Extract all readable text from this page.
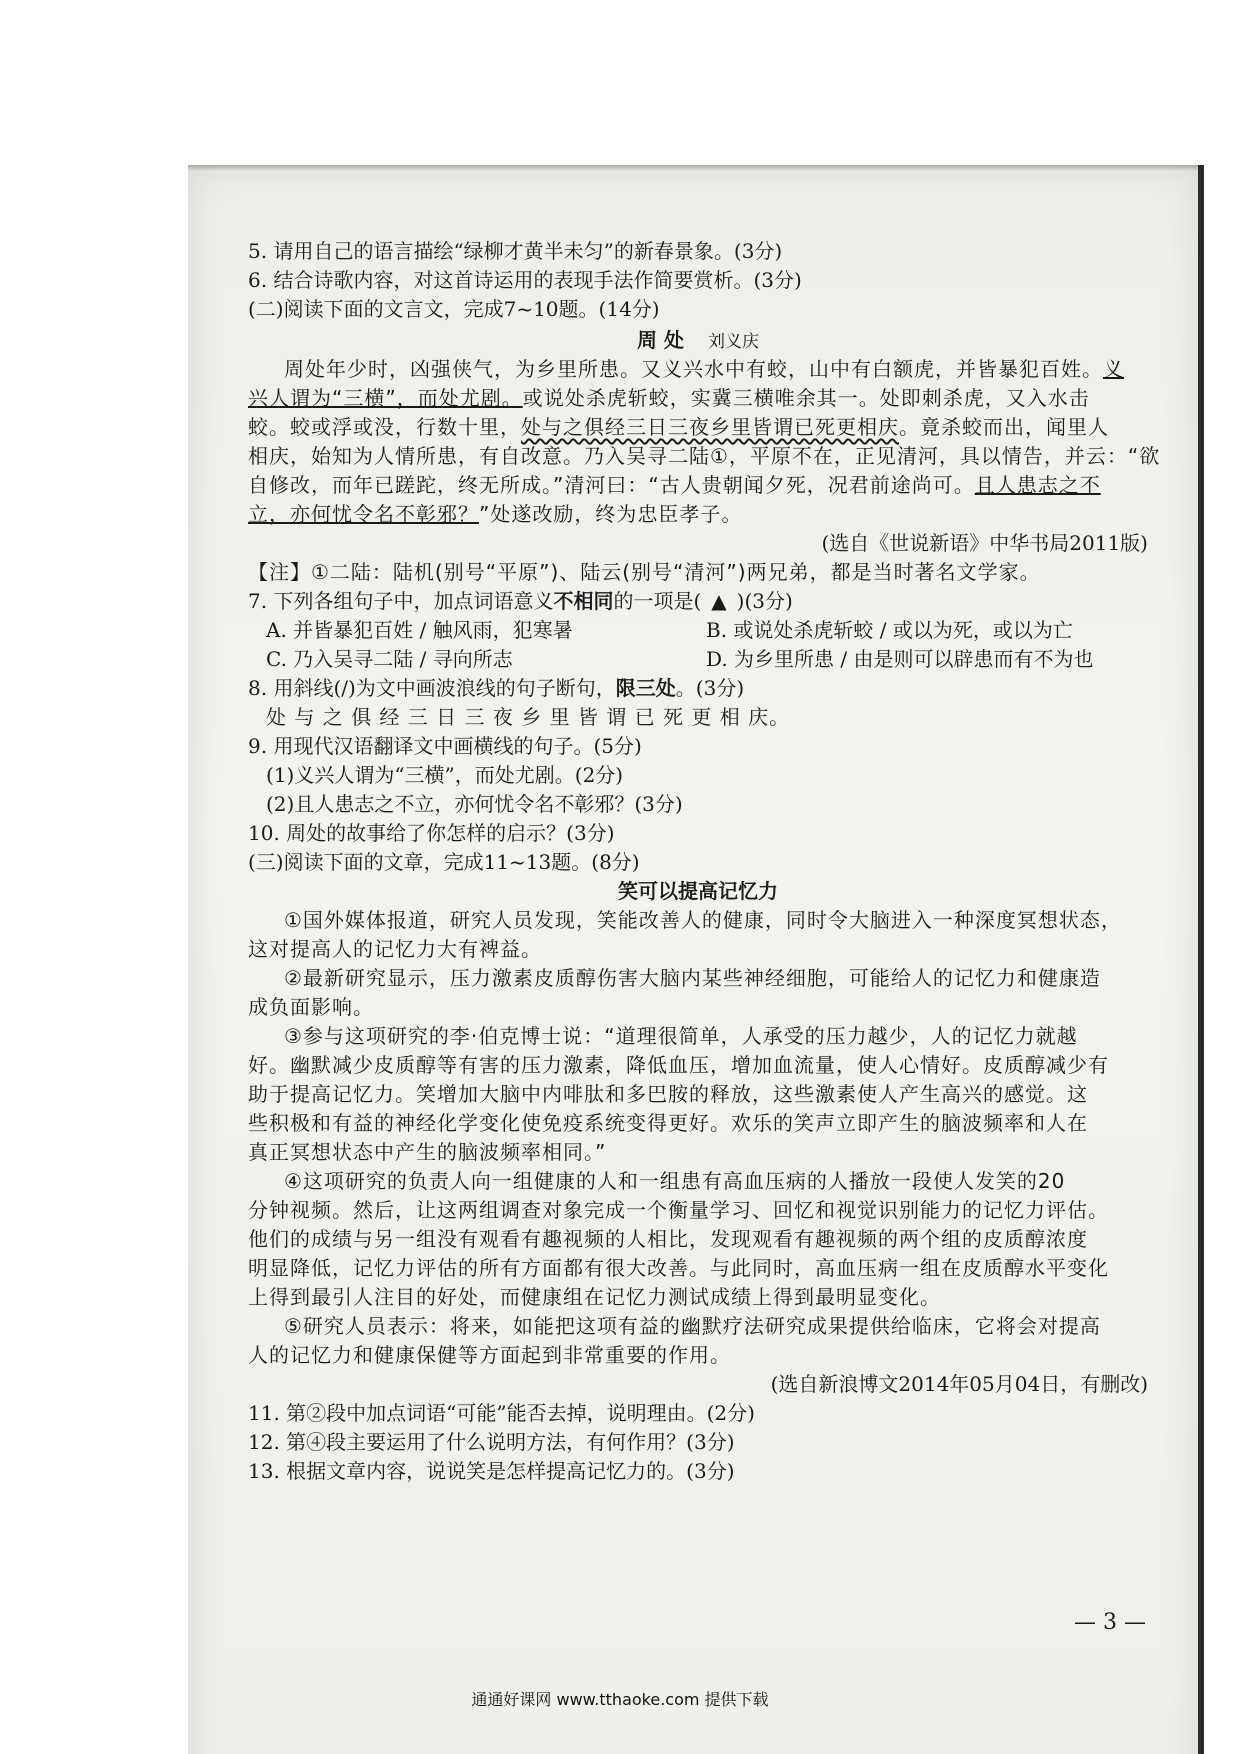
5. 请用自己的语言描绘“绿柳才黄半未匀”的新春景象。(3分)
6. 结合诗歌内容，对这首诗运用的表现手法作简要赏析。(3分)
(二)阅读下面的文言文，完成7~10题。(14分)
周 处 刘义庆
周处年少时，凶强侠气，为乡里所患。又义兴水中有蛟，山中有白额虎，并皆暴犯百姓。义
兴人谓为“三横”，而处尤剧。或说处杀虎斩蛟，实冀三横唯余其一。处即刺杀虎，又入水击
蛟。蛟或浮或没，行数十里，处与之俱经三日三夜乡里皆谓已死更相庆。竟杀蛟而出，闻里人
相庆，始知为人情所患，有自改意。乃入吴寻二陆①，平原不在，正见清河，具以情告，并云：“欲
自修改，而年已蹉跎，终无所成。”清河曰：“古人贵朝闻夕死，况君前途尚可。且人患志之不
立，亦何忧令名不彰邪？”处遂改励，终为忠臣孝子。
(选自《世说新语》中华书局2011版)
【注】①二陆：陆机(别号“平原”)、陆云(别号“清河”)两兄弟，都是当时著名文学家。
7. 下列各组句子中，加点词语意义不相同的一项是( ▲ )(3分)
A. 并皆暴犯百姓 / 触风雨，犯寒暑	B. 或说处杀虎斩蛟 / 或以为死，或以为亡
C. 乃入吴寻二陆 / 寻向所志	D. 为乡里所患 / 由是则可以辟患而有不为也
8. 用斜线(/)为文中画波浪线的句子断句，限三处。(3分)
处 与 之 俱 经 三 日 三 夜 乡 里 皆 谓 已 死 更 相 庆。
9. 用现代汉语翻译文中画横线的句子。(5分)
(1)义兴人谓为“三横”，而处尤剧。(2分)
(2)且人患志之不立，亦何忧令名不彰邪？(3分)
10. 周处的故事给了你怎样的启示？(3分)
(三)阅读下面的文章，完成11~13题。(8分)
笑可以提高记忆力
①国外媒体报道，研究人员发现，笑能改善人的健康，同时令大脑进入一种深度冥想状态，
这对提高人的记忆力大有裨益。
②最新研究显示，压力激素皮质醇伤害大脑内某些神经细胞，可能给人的记忆力和健康造
成负面影响。
③参与这项研究的李·伯克博士说：“道理很简单，人承受的压力越少，人的记忆力就越
好。幽默减少皮质醇等有害的压力激素，降低血压，增加血流量，使人心情好。皮质醇减少有
助于提高记忆力。笑增加大脑中内啡肽和多巴胺的释放，这些激素使人产生高兴的感觉。这
些积极和有益的神经化学变化使免疫系统变得更好。欢乐的笑声立即产生的脑波频率和人在
真正冥想状态中产生的脑波频率相同。”
④这项研究的负责人向一组健康的人和一组患有高血压病的人播放一段使人发笑的20
分钟视频。然后，让这两组调查对象完成一个衡量学习、回忆和视觉识别能力的记忆力评估。
他们的成绩与另一组没有观看有趣视频的人相比，发现观看有趣视频的两个组的皮质醇浓度
明显降低，记忆力评估的所有方面都有很大改善。与此同时，高血压病一组在皮质醇水平变化
上得到最引人注目的好处，而健康组在记忆力测试成绩上得到最明显变化。
⑤研究人员表示：将来，如能把这项有益的幽默疗法研究成果提供给临床，它将会对提高
人的记忆力和健康保健等方面起到非常重要的作用。
(选自新浪博文2014年05月04日，有删改)
11. 第②段中加点词语“可能”能否去掉，说明理由。(2分)
12. 第④段主要运用了什么说明方法，有何作用？(3分)
13. 根据文章内容，说说笑是怎样提高记忆力的。(3分)
— 3 —
通通好课网 www.tthaoke.com 提供下载
